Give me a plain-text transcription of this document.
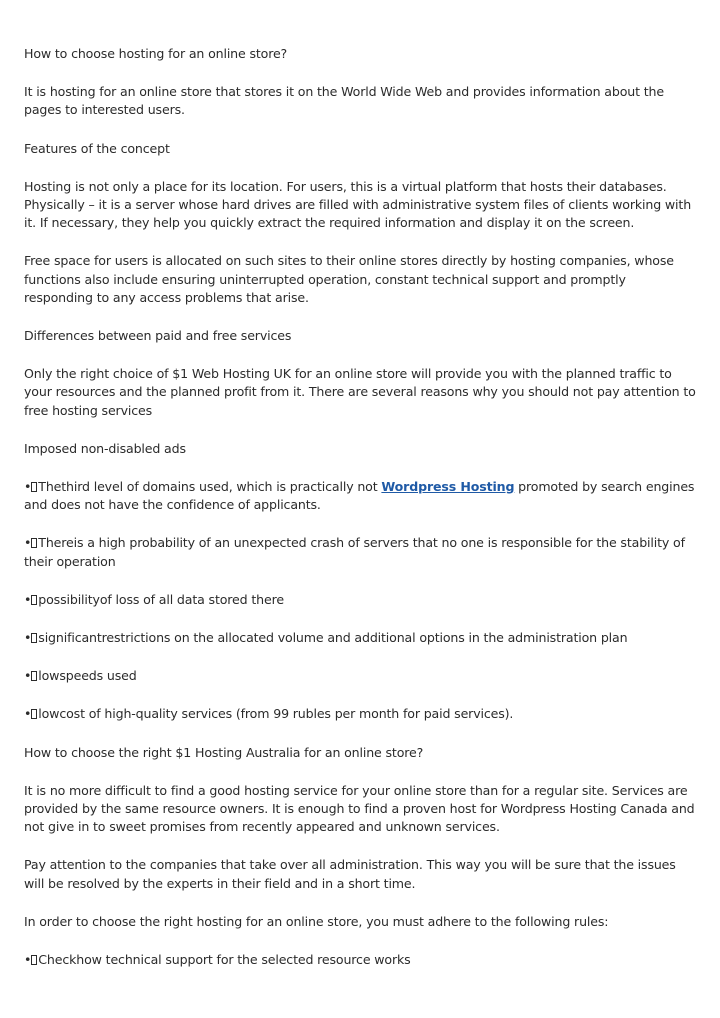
How to choose hosting for an online store?

It is hosting for an online store that stores it on the World Wide Web and provides information about the pages to interested users.

Features of the concept

Hosting is not only a place for its location. For users, this is a virtual platform that hosts their databases. Physically – it is a server whose hard drives are filled with administrative system files of clients working with it. If necessary, they help you quickly extract the required information and display it on the screen.

Free space for users is allocated on such sites to their online stores directly by hosting companies, whose functions also include ensuring uninterrupted operation, constant technical support and promptly responding to any access problems that arise.

Differences between paid and free services

Only the right choice of $1 Web Hosting UK for an online store will provide you with the planned traffic to your resources and the planned profit from it. There are several reasons why you should not pay attention to free hosting services

Imposed non-disabled ads

• Thethird level of domains used, which is practically not Wordpress Hosting promoted by search engines and does not have the confidence of applicants.

• Thereis a high probability of an unexpected crash of servers that no one is responsible for the stability of their operation

• possibilityof loss of all data stored there

• significantrestrictions on the allocated volume and additional options in the administration plan

• lowspeeds used

• lowcost of high-quality services (from 99 rubles per month for paid services).

How to choose the right $1 Hosting Australia for an online store?

It is no more difficult to find a good hosting service for your online store than for a regular site. Services are provided by the same resource owners. It is enough to find a proven host for Wordpress Hosting Canada and not give in to sweet promises from recently appeared and unknown services.

Pay attention to the companies that take over all administration. This way you will be sure that the issues will be resolved by the experts in their field and in a short time.

In order to choose the right hosting for an online store, you must adhere to the following rules:

• Checkhow technical support for the selected resource works
